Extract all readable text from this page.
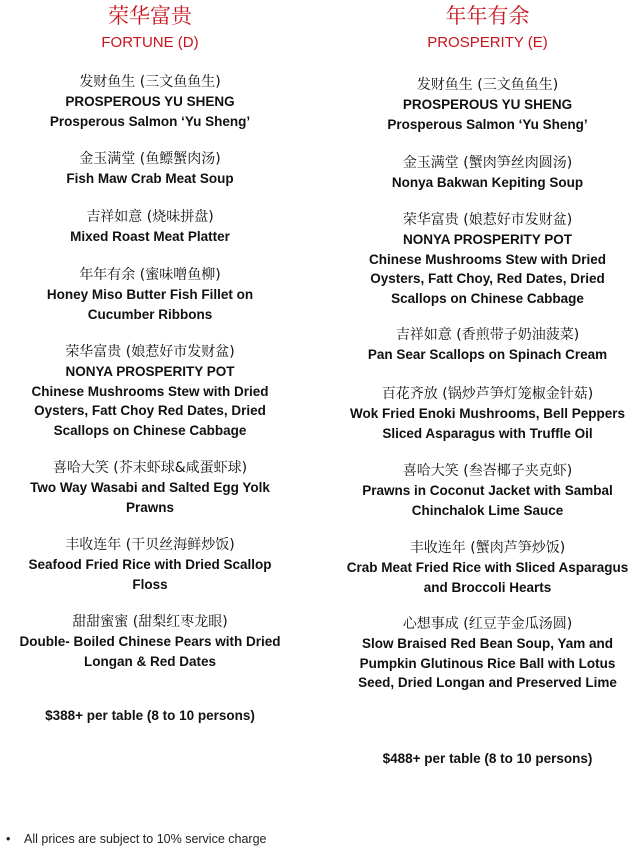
荣华富贵
FORTUNE (D)
发财鱼生 (三文鱼鱼生)
PROSPEROUS YU SHENG
Prosperous Salmon ‘Yu Sheng’
金玉满堂 (鱼鳔蟹肉汤)
Fish Maw Crab Meat Soup
吉祥如意 (烧味拼盘)
Mixed Roast Meat Platter
年年有余 (蜜味噌鱼柳)
Honey Miso Butter Fish Fillet on
Cucumber Ribbons
荣华富贵 (娘惹好市发财盆)
NONYA PROSPERITY POT
Chinese Mushrooms Stew with Dried
Oysters, Fatt Choy Red Dates, Dried
Scallops on Chinese Cabbage
喜哈大笑 (芥末虾球&咸蛋虾球)
Two Way Wasabi and Salted Egg Yolk
Prawns
丰收连年 (干贝丝海鲜炒饭)
Seafood Fried Rice with Dried Scallop
Floss
甜甜蜜蜜 (甜梨红枣龙眼)
Double- Boiled Chinese Pears with Dried
Longan & Red Dates
$388+ per table (8 to 10 persons)
年年有余
PROSPERITY (E)
发财鱼生 (三文鱼鱼生)
PROSPEROUS YU SHENG
Prosperous Salmon ‘Yu Sheng’
金玉满堂 (蟹肉笋丝肉圆汤)
Nonya Bakwan Kepiting Soup
荣华富贵 (娘惹好市发财盆)
NONYA PROSPERITY POT
Chinese Mushrooms Stew with Dried
Oysters, Fatt Choy, Red Dates, Dried
Scallops on Chinese Cabbage
吉祥如意 (香煎带子奶油菠菜)
Pan Sear Scallops on Spinach Cream
百花齐放 (锅炒芦笋灯笼椒金针菇)
Wok Fried Enoki Mushrooms, Bell Peppers
Sliced Asparagus with Truffle Oil
喜哈大笑 (叁峇椰子夹克虾)
Prawns in Coconut Jacket with Sambal
Chinchalok Lime Sauce
丰收连年 (蟹肉芦笋炒饭)
Crab Meat Fried Rice with Sliced Asparagus
and Broccoli Hearts
心想事成 (红豆芋金瓜汤圆)
Slow Braised Red Bean Soup, Yam and
Pumpkin Glutinous Rice Ball with Lotus
Seed, Dried Longan and Preserved Lime
$488+ per table (8 to 10 persons)
• All prices are subject to 10% service charge
